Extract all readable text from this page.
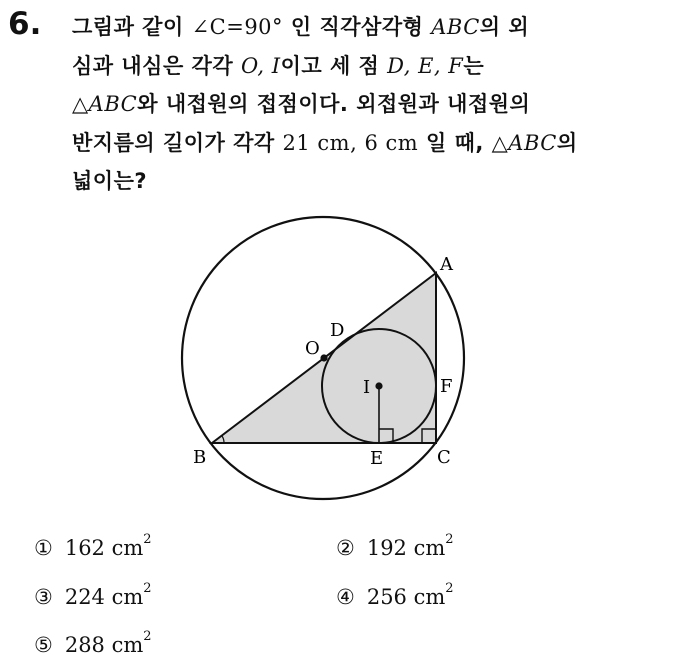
6. 그림과 같이 ∠C=90° 인 직각삼각형 ABC의 외
심과 내심은 각각 O, I이고 세 점 D, E, F는
△ABC와 내접원의 접점이다. 외접원과 내접원의
반지름의 길이가 각각 21 cm, 6 cm 일 때, △ABC의
넓이는?
A
B	C
D
E
F
O
I
① 162 $cm^2$	② 192 $cm^2$
③ 224 $cm^2$	④ 256 $cm^2$
⑤ 288 $cm^2$
